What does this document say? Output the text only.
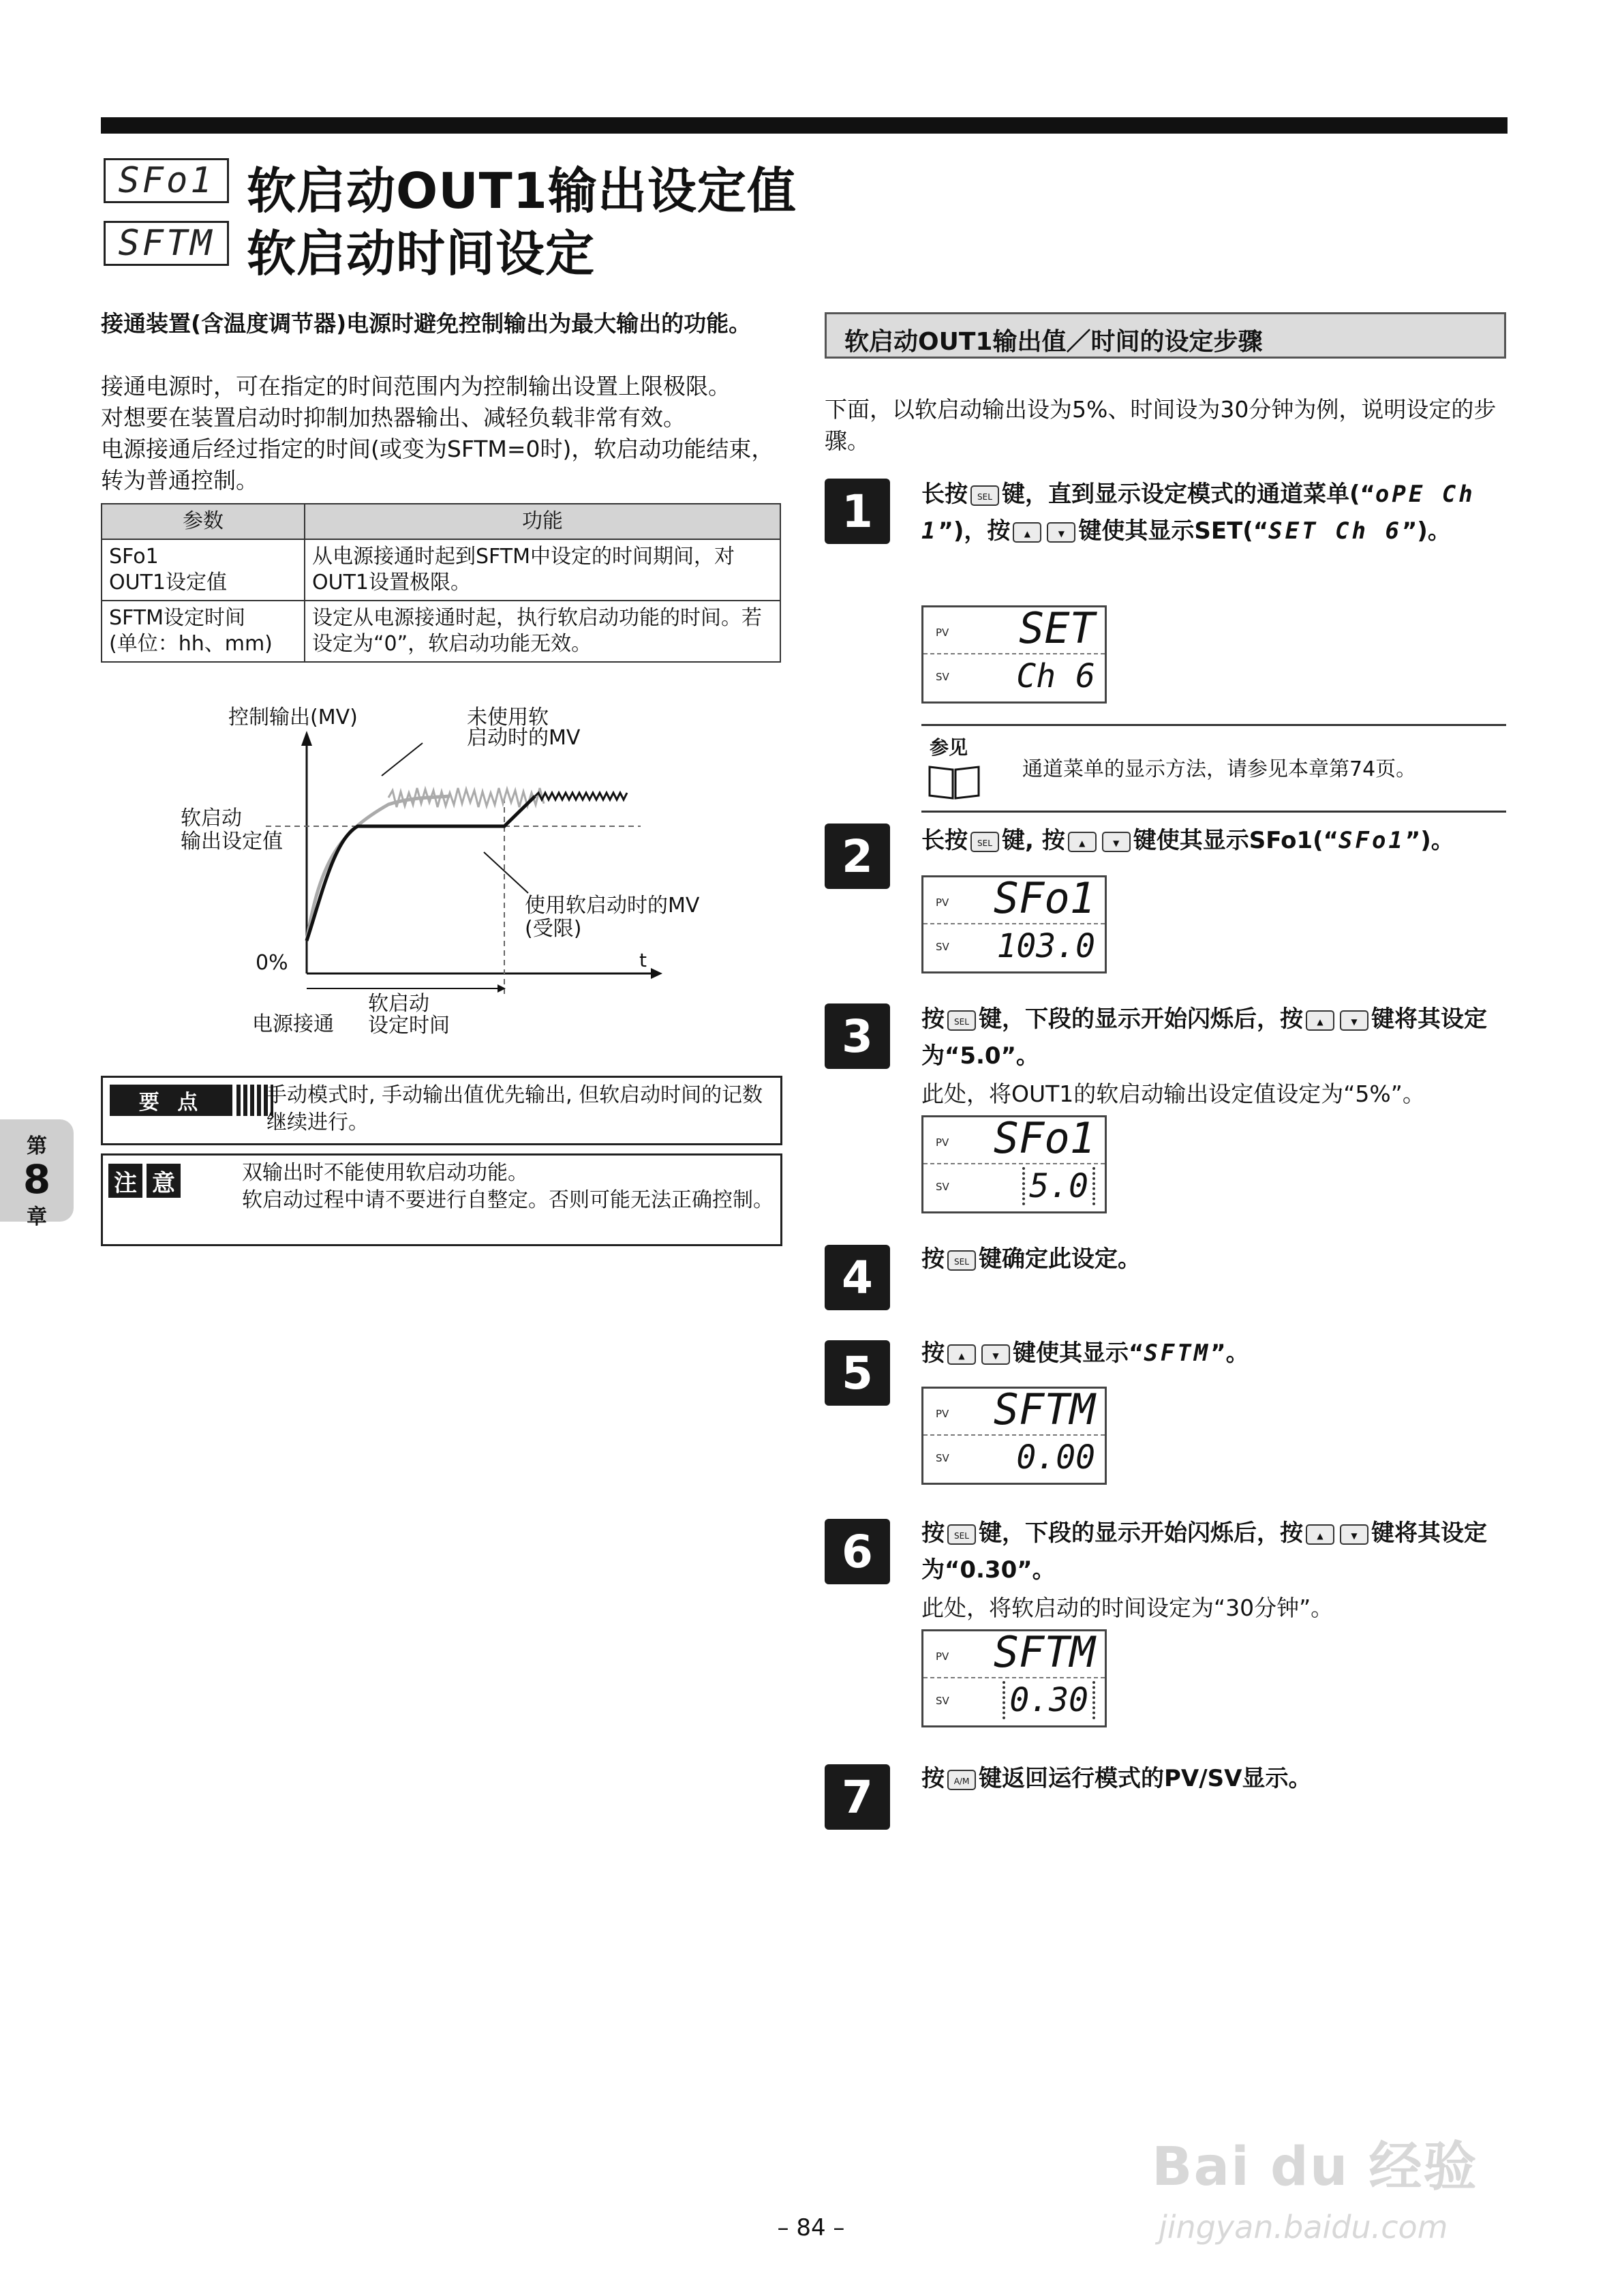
SFo1 软启动OUT1输出设定值
SFTM 软启动时间设定
接通装置(含温度调节器)电源时避免控制输出为最大输出的功能。
接通电源时，可在指定的时间范围内为控制输出设置上限极限。
对想要在装置启动时抑制加热器输出、减轻负载非常有效。
电源接通后经过指定的时间(或变为SFTM=0时)，软启动功能结束，转为普通控制。
参数	功能

SFo1
OUT1设定值	从电源接通时起到SFTM中设定的时间期间，对OUT1设置极限。

SFTM设定时间
(单位：hh、mm)	设定从电源接通时起，执行软启动功能的时间。若设定为“0”，软启动功能无效。
控制输出(MV)	未使用软
启动时的MV
软启动
输出设定值
使用软启动时的MV
(受限)
0%	t
电源接通
软启动
设定时间
要 点	手动模式时, 手动输出值优先输出, 但软启动时间的记数继续进行。
注 意	双输出时不能使用软启动功能。
软启动过程中请不要进行自整定。否则可能无法正确控制。
第
8
章
软启动OUT1输出值／时间的设定步骤
下面，以软启动输出设为5%、时间设为30分钟为例，说明设定的步骤。
1	长按 SEL 键，直到显示设定模式的通道菜单(“oPE Ch 1”)，按 ▲	▼ 键使其显示SET(“SET Ch 6”)。
PV SET
SV Ch 6
参见
通道菜单的显示方法，请参见本章第74页。
2	长按 SEL 键, 按 ▲	▼ 键使其显示SFo1(“SFo1”)。
PV SFo1
SV 103.0
3	按 SEL 键，下段的显示开始闪烁后，按 ▲	▼ 键将其设定为“5.0”。
此处，将OUT1的软启动输出设定值设定为“5%”。
PV SFo1
SV 5.0
4	按 SEL 键确定此设定。
5	按 ▲	▼ 键使其显示“SFTM”。
PV SFTM
SV 0.00
6	按 SEL 键，下段的显示开始闪烁后，按 ▲	▼ 键将其设定为“0.30”。
此处，将软启动的时间设定为“30分钟”。
PV SFTM
SV 0.30
7	按 A/M 键返回运行模式的PV/SV显示。
– 84 –
Bai du 经验
jingyan.baidu.com
